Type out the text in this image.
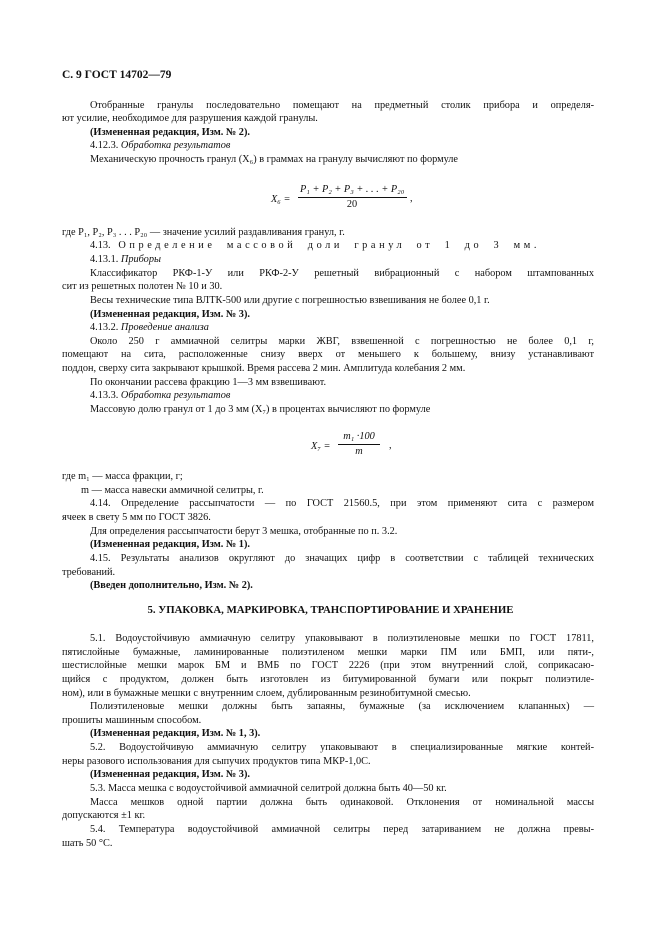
С. 9 ГОСТ 14702—79
Отобранные гранулы последовательно помещают на предметный столик прибора и определя-
ют усилие, необходимое для разрушения каждой гранулы.
(Измененная редакция, Изм. № 2).
4.12.3. Обработка результатов
Механическую прочность гранул (X₆) в граммах на гранулу вычисляют по формуле
X₆ =
P₁ + P₂ + P₃ + . . . + P₂₀
20
,
где P₁, P₂, P₃ . . . P₂₀ — значение усилий раздавливания гранул, г.
4.13. Определение массовой доли гранул от 1 до 3 мм.
4.13.1. Приборы
Классификатор РКФ-1-У или РКФ-2-У решетный вибрационный с набором штампованных
сит из решетных полотен № 10 и 30.
Весы технические типа ВЛТК-500 или другие с погрешностью взвешивания не более 0,1 г.
(Измененная редакция, Изм. № 3).
4.13.2. Проведение анализа
Около 250 г аммиачной селитры марки ЖВГ, взвешенной с погрешностью не более 0,1 г,
помещают на сита, расположенные снизу вверх от меньшего к большему, внизу устанавливают
поддон, сверху сита закрывают крышкой. Время рассева 2 мин. Амплитуда колебания 2 мм.
По окончании рассева фракцию 1—3 мм взвешивают.
4.13.3. Обработка результатов
Массовую долю гранул от 1 до 3 мм (X₇) в процентах вычисляют по формуле
X₇ =
m₁ ·100
m
,
где m₁ — масса фракции, г;
m — масса навески аммичной селитры, г.
4.14. Определение рассыпчатости — по ГОСТ 21560.5, при этом применяют сита с размером
ячеек в свету 5 мм по ГОСТ 3826.
Для определения рассыпчатости берут 3 мешка, отобранные по п. 3.2.
(Измененная редакция, Изм. № 1).
4.15. Результаты анализов округляют до значащих цифр в соответствии с таблицей технических
требований.
(Введен дополнительно, Изм. № 2).
5. УПАКОВКА, МАРКИРОВКА, ТРАНСПОРТИРОВАНИЕ И ХРАНЕНИЕ
5.1. Водоустойчивую аммиачную селитру упаковывают в полиэтиленовые мешки по ГОСТ 17811,
пятислойные бумажные, ламинированные полиэтиленом мешки марки ПМ или БМП, или пяти-,
шестислойные мешки марок БМ и ВМБ по ГОСТ 2226 (при этом внутренний слой, соприкасаю-
щийся с продуктом, должен быть изготовлен из битумированной бумаги или покрыт полиэтиле-
ном), или в бумажные мешки с внутренним слоем, дублированным резинобитумной смесью.
Полиэтиленовые мешки должны быть запаяны, бумажные (за исключением клапанных) —
прошиты машинным способом.
(Измененная редакция, Изм. № 1, 3).
5.2. Водоустойчивую аммиачную селитру упаковывают в специализированные мягкие контей-
неры разового использования для сыпучих продуктов типа МКР-1,0С.
(Измененная редакция, Изм. № 3).
5.3. Масса мешка с водоустойчивой аммиачной селитрой должна быть 40—50 кг.
Масса мешков одной партии должна быть одинаковой. Отклонения от номинальной массы
допускаются ±1 кг.
5.4. Температура водоустойчивой аммиачной селитры перед затариванием не должна превы-
шать 50 °С.
